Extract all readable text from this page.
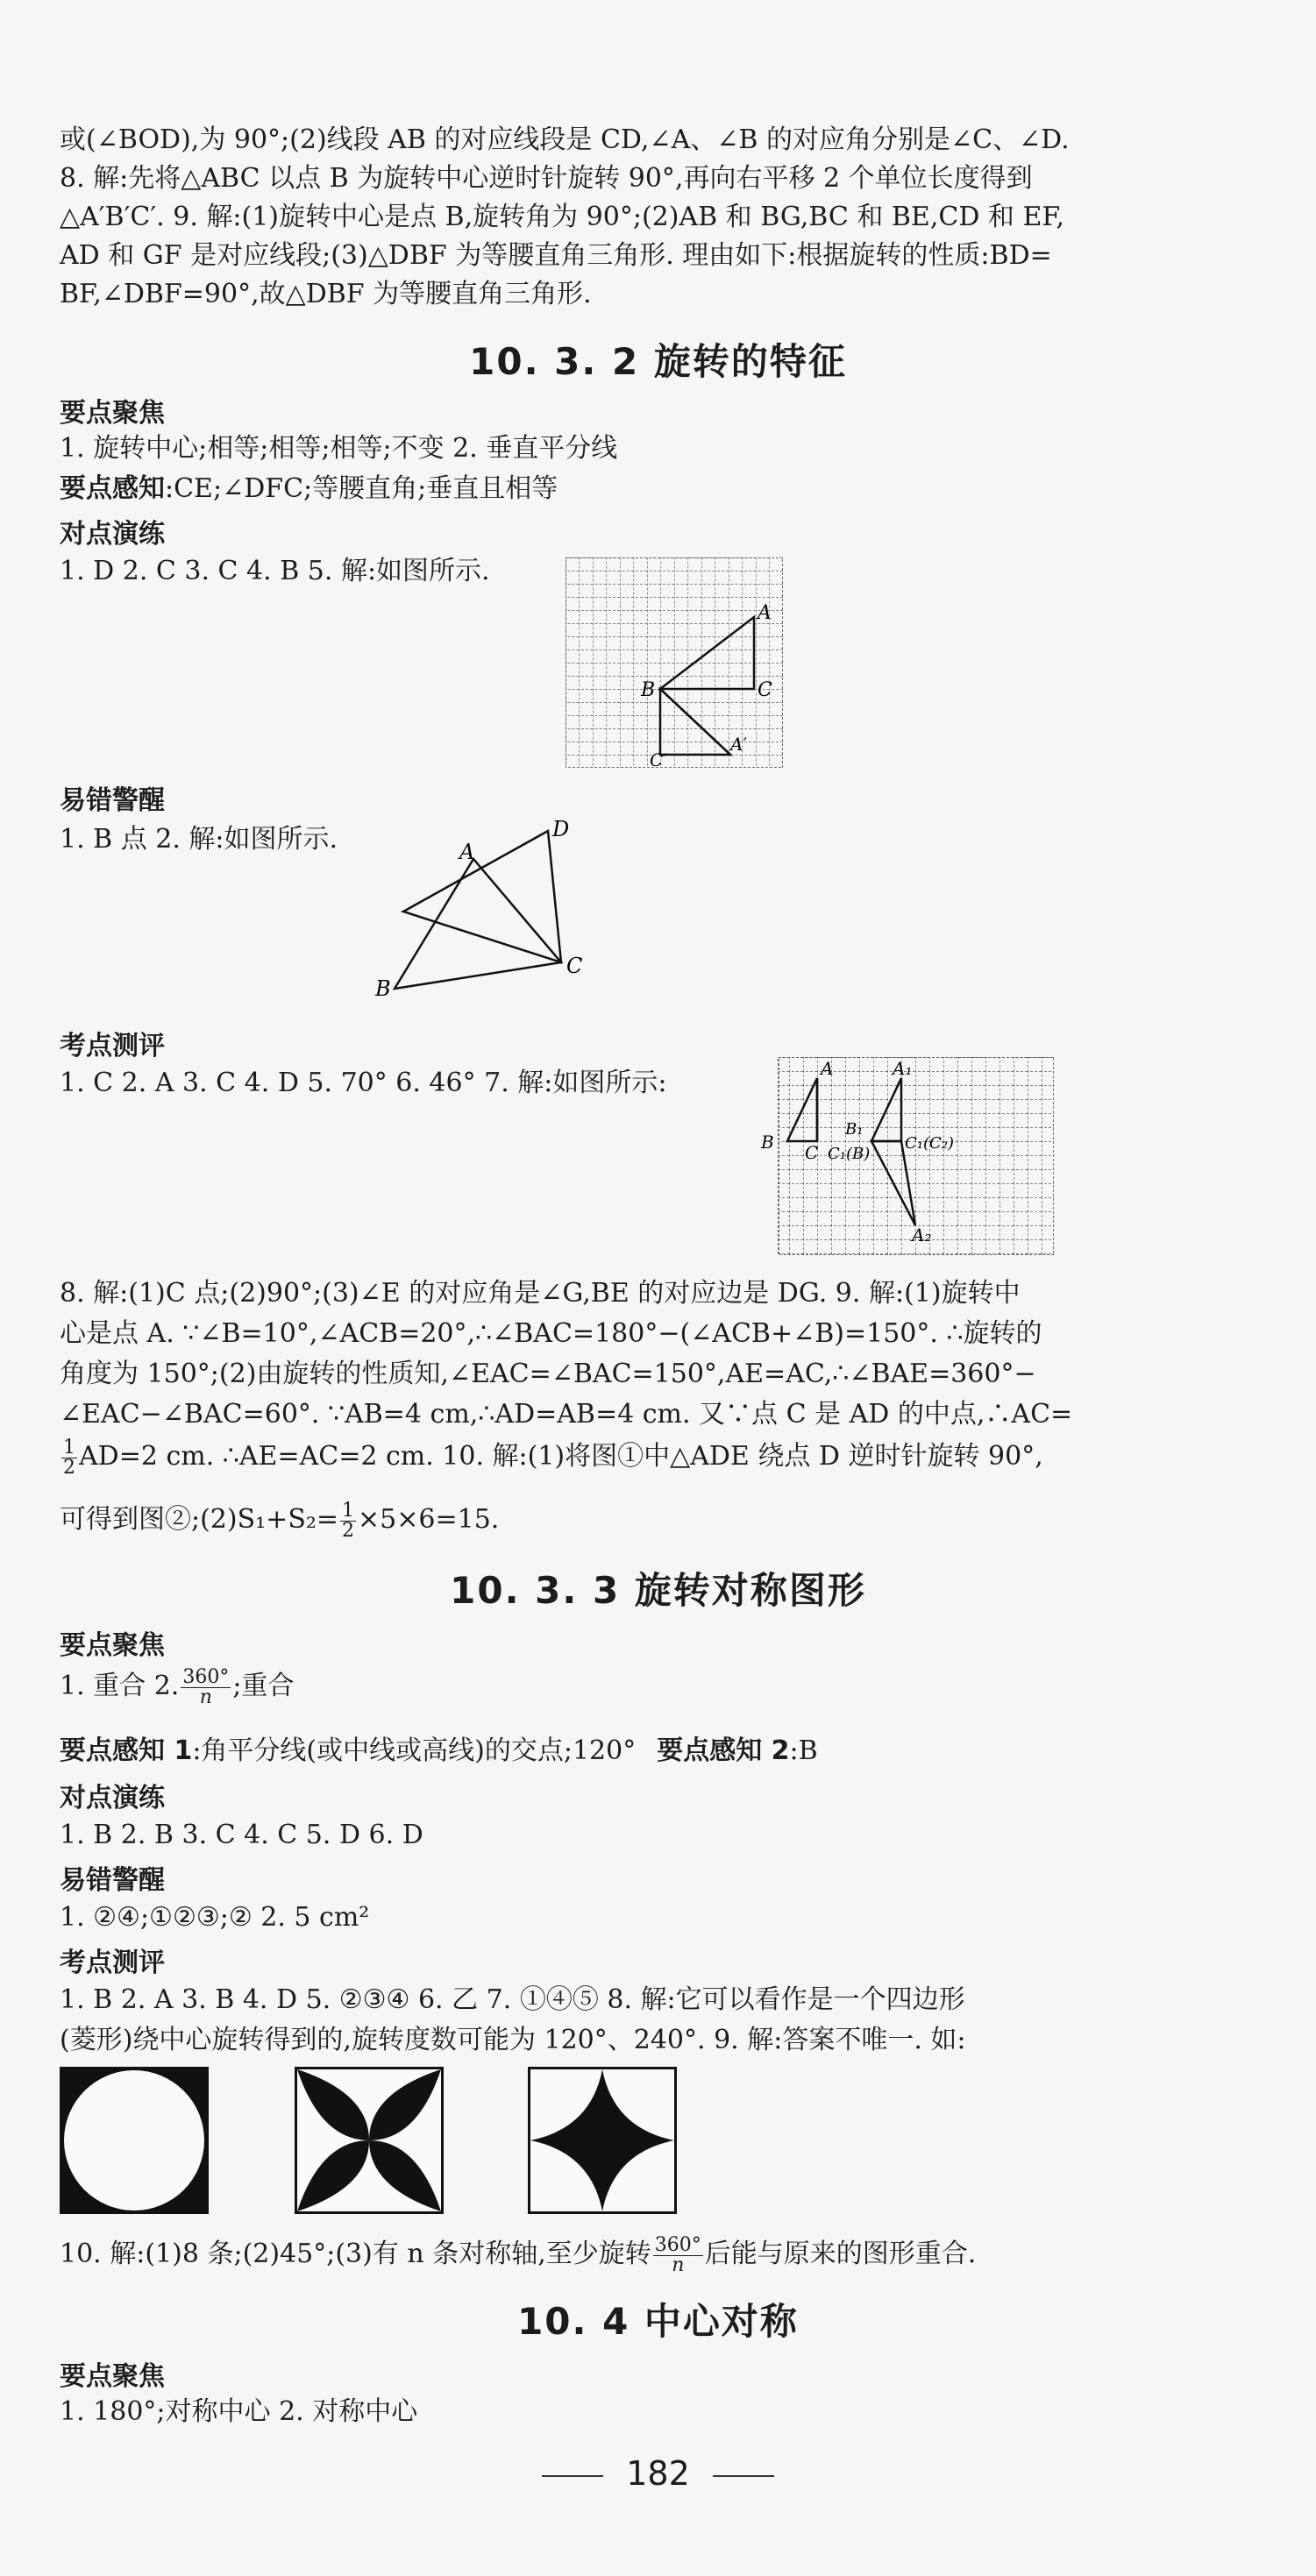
或(∠BOD),为 90°;(2)线段 AB 的对应线段是 CD,∠A、∠B 的对应角分别是∠C、∠D.
8. 解:先将△ABC 以点 B 为旋转中心逆时针旋转 90°,再向右平移 2 个单位长度得到
△A′B′C′. 9. 解:(1)旋转中心是点 B,旋转角为 90°;(2)AB 和 BG,BC 和 BE,CD 和 EF,
AD 和 GF 是对应线段;(3)△DBF 为等腰直角三角形. 理由如下:根据旋转的性质:BD=
BF,∠DBF=90°,故△DBF 为等腰直角三角形.
10. 3. 2 旋转的特征
要点聚焦
1. 旋转中心;相等;相等;相等;不变 2. 垂直平分线
要点感知:CE;∠DFC;等腰直角;垂直且相等
对点演练
1. D 2. C 3. C 4. B 5. 解:如图所示.
A
B	C
A′
C′
易错警醒
1. B 点 2. 解:如图所示.	A
D
B
C
考点测评
1. C 2. A 3. C 4. D 5. 70° 6. 46° 7. 解:如图所示:	A	A₁
B C
B₁
C₁(B)
C₁(C₂)
A₂
8. 解:(1)C 点;(2)90°;(3)∠E 的对应角是∠G,BE 的对应边是 DG. 9. 解:(1)旋转中
心是点 A. ∵∠B=10°,∠ACB=20°,∴∠BAC=180°−(∠ACB+∠B)=150°. ∴旋转的
角度为 150°;(2)由旋转的性质知,∠EAC=∠BAC=150°,AE=AC,∴∠BAE=360°−
∠EAC−∠BAC=60°. ∵AB=4 cm,∴AD=AB=4 cm. 又∵点 C 是 AD 的中点,∴AC=
$\frac{1}{2} AD=2$ cm. ∴AE=AC=2 cm. 10. 解:(1)将图①中△ADE 绕点 D 逆时针旋转 90°,
可得到图②;(2)S₁+S₂= $\frac{1}{2} \times 5\times 6=15$.
10. 3. 3 旋转对称图形
要点聚焦
1. 重合 2. $\frac{360^\circ}{n}$ ;重合
要点感知 1:角平分线(或中线或高线)的交点;120° 要点感知 2:B
对点演练
1. B 2. B 3. C 4. C 5. D 6. D
易错警醒
1. ②④;①②③;② 2. 5 cm²
考点测评
1. B 2. A 3. B 4. D 5. ②③④ 6. 乙 7. ①④⑤ 8. 解:它可以看作是一个四边形
(菱形)绕中心旋转得到的,旋转度数可能为 120°、240°. 9. 解:答案不唯一. 如:
10. 解:(1)8 条;(2)45°;(3)有 n 条对称轴,至少旋转 $\frac{360^\circ}{n}$ 后能与原来的图形重合.
10. 4 中心对称
要点聚焦
1. 180°;对称中心 2. 对称中心
182
